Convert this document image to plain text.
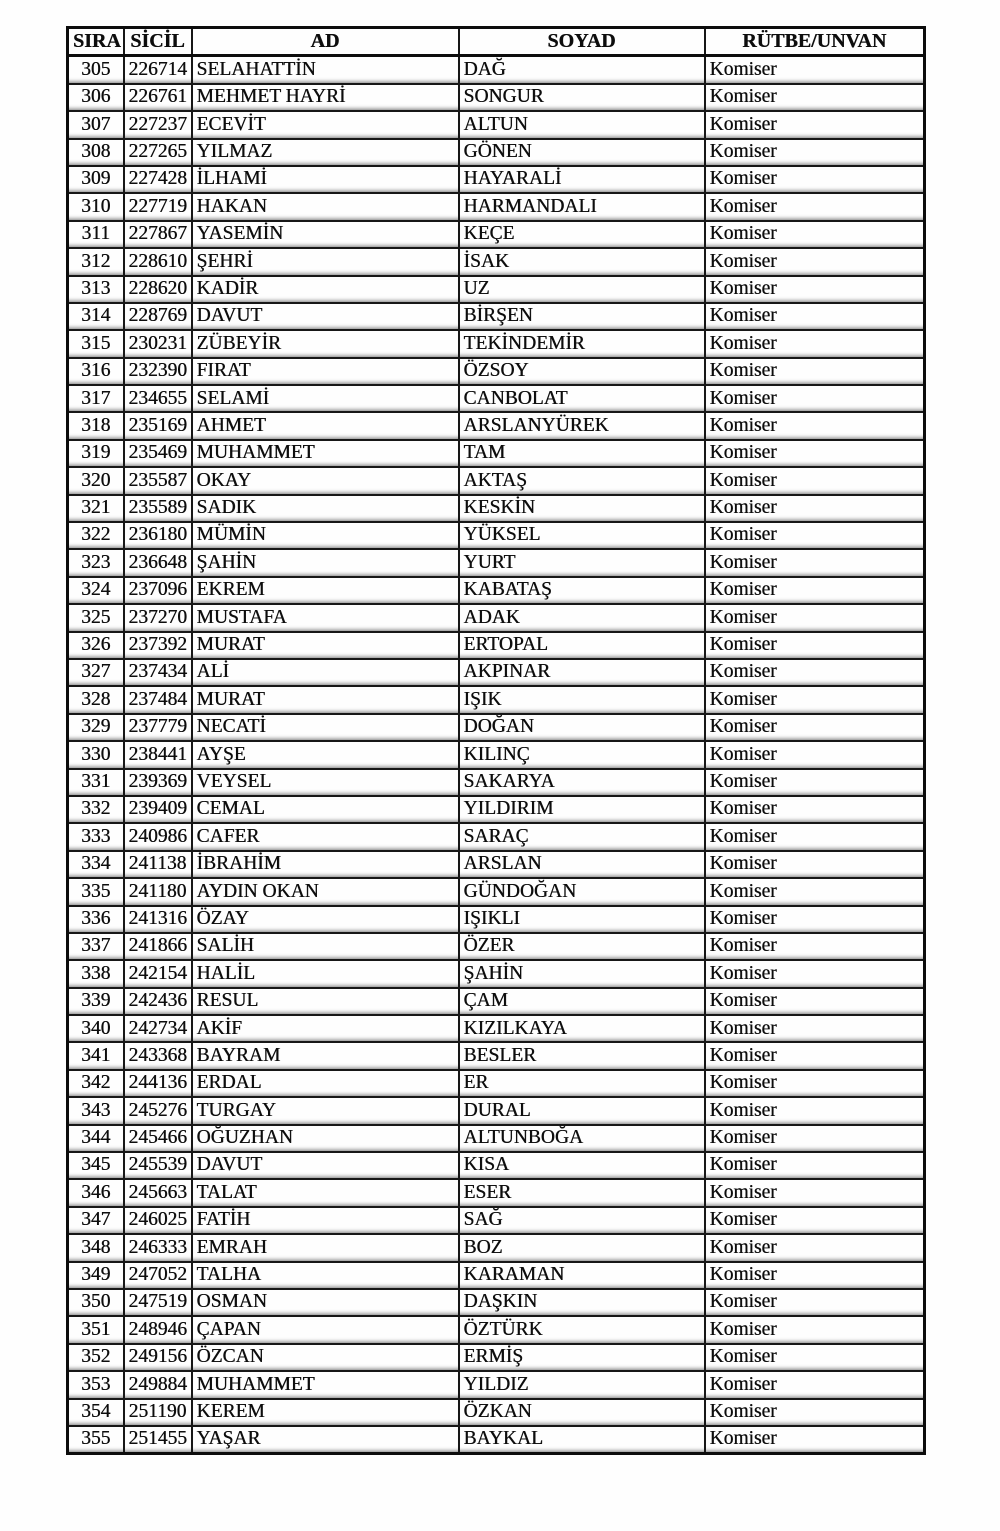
SIRA	SİCİL	AD	SOYAD	RÜTBE/UNVAN
305	226714	SELAHATTİN	DAĞ	Komiser
306	226761	MEHMET HAYRİ	SONGUR	Komiser
307	227237	ECEVİT	ALTUN	Komiser
308	227265	YILMAZ	GÖNEN	Komiser
309	227428	İLHAMİ	HAYARALİ	Komiser
310	227719	HAKAN	HARMANDALI	Komiser
311	227867	YASEMİN	KEÇE	Komiser
312	228610	ŞEHRİ	İSAK	Komiser
313	228620	KADİR	UZ	Komiser
314	228769	DAVUT	BİRŞEN	Komiser
315	230231	ZÜBEYİR	TEKİNDEMİR	Komiser
316	232390	FIRAT	ÖZSOY	Komiser
317	234655	SELAMİ	CANBOLAT	Komiser
318	235169	AHMET	ARSLANYÜREK	Komiser
319	235469	MUHAMMET	TAM	Komiser
320	235587	OKAY	AKTAŞ	Komiser
321	235589	SADIK	KESKİN	Komiser
322	236180	MÜMİN	YÜKSEL	Komiser
323	236648	ŞAHİN	YURT	Komiser
324	237096	EKREM	KABATAŞ	Komiser
325	237270	MUSTAFA	ADAK	Komiser
326	237392	MURAT	ERTOPAL	Komiser
327	237434	ALİ	AKPINAR	Komiser
328	237484	MURAT	IŞIK	Komiser
329	237779	NECATİ	DOĞAN	Komiser
330	238441	AYŞE	KILINÇ	Komiser
331	239369	VEYSEL	SAKARYA	Komiser
332	239409	CEMAL	YILDIRIM	Komiser
333	240986	CAFER	SARAÇ	Komiser
334	241138	İBRAHİM	ARSLAN	Komiser
335	241180	AYDIN OKAN	GÜNDOĞAN	Komiser
336	241316	ÖZAY	IŞIKLI	Komiser
337	241866	SALİH	ÖZER	Komiser
338	242154	HALİL	ŞAHİN	Komiser
339	242436	RESUL	ÇAM	Komiser
340	242734	AKİF	KIZILKAYA	Komiser
341	243368	BAYRAM	BESLER	Komiser
342	244136	ERDAL	ER	Komiser
343	245276	TURGAY	DURAL	Komiser
344	245466	OĞUZHAN	ALTUNBOĞA	Komiser
345	245539	DAVUT	KISA	Komiser
346	245663	TALAT	ESER	Komiser
347	246025	FATİH	SAĞ	Komiser
348	246333	EMRAH	BOZ	Komiser
349	247052	TALHA	KARAMAN	Komiser
350	247519	OSMAN	DAŞKIN	Komiser
351	248946	ÇAPAN	ÖZTÜRK	Komiser
352	249156	ÖZCAN	ERMİŞ	Komiser
353	249884	MUHAMMET	YILDIZ	Komiser
354	251190	KEREM	ÖZKAN	Komiser
355	251455	YAŞAR	BAYKAL	Komiser
